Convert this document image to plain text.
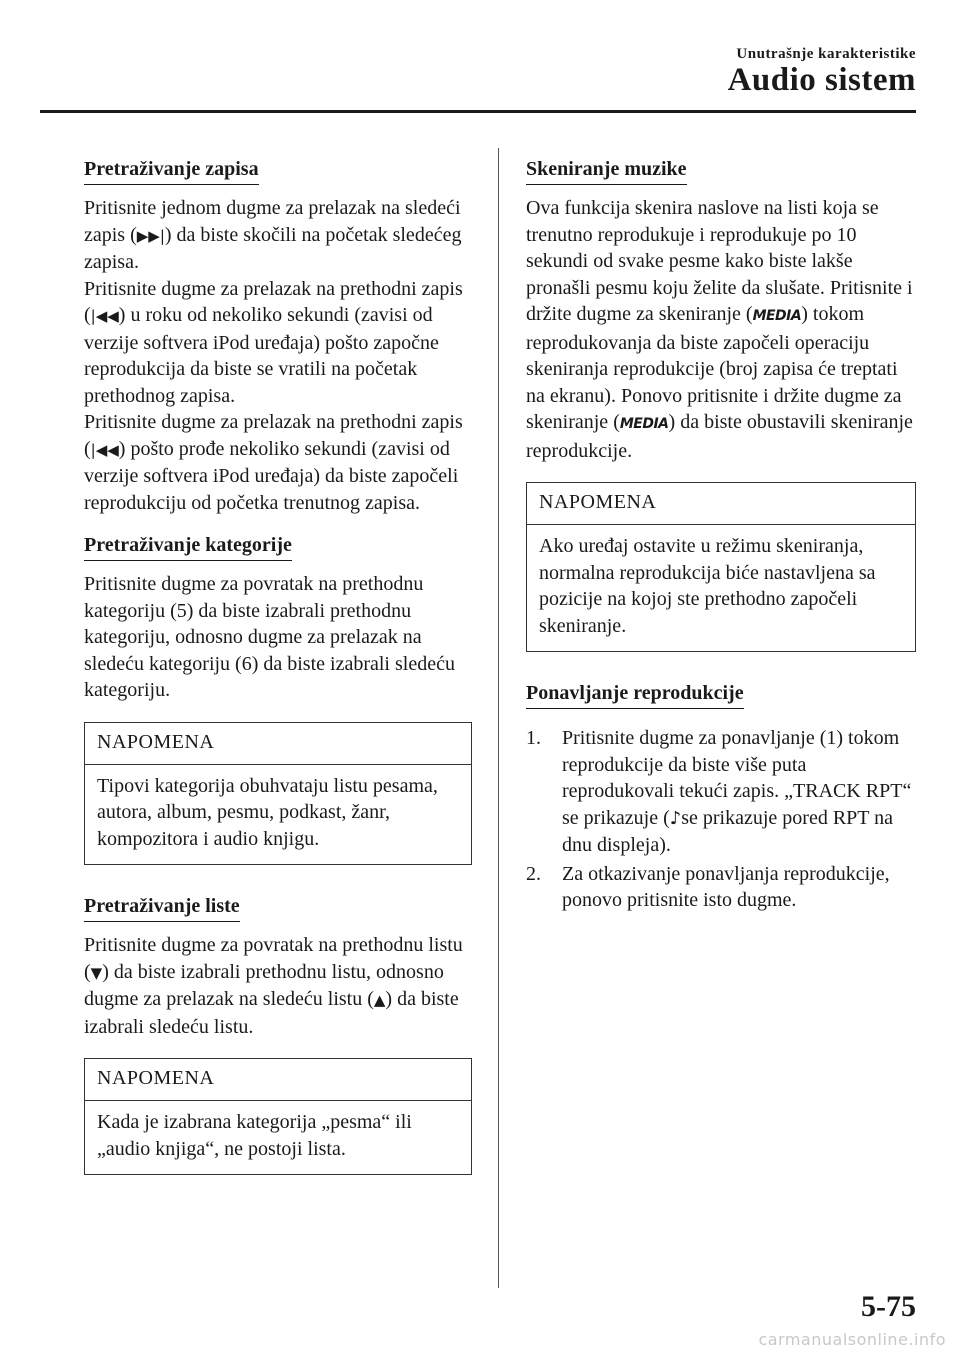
Unutrašnje karakteristike
Audio sistem
Pretraživanje zapisa

Pritisnite jednom dugme za prelazak na sledeći zapis (▶▶|) da biste skočili na početak sledećeg zapisa.
Pritisnite dugme za prelazak na prethodni zapis (|◀◀) u roku od nekoliko sekundi (zavisi od verzije softvera iPod uređaja) pošto započne reprodukcija da biste se vratili na početak prethodnog zapisa.
Pritisnite dugme za prelazak na prethodni zapis (|◀◀) pošto prođe nekoliko sekundi (zavisi od verzije softvera iPod uređaja) da biste započeli reprodukciju od početka trenutnog zapisa.

Pretraživanje kategorije

Pritisnite dugme za povratak na prethodnu kategoriju (5) da biste izabrali prethodnu kategoriju, odnosno dugme za prelazak na sledeću kategoriju (6) da biste izabrali sledeću kategoriju.

NAPOMENA
Tipovi kategorija obuhvataju listu pesama, autora, album, pesmu, podkast, žanr, kompozitora i audio knjigu.
Pretraživanje liste

Pritisnite dugme za povratak na prethodnu listu (▼) da biste izabrali prethodnu listu, odnosno dugme za prelazak na sledeću listu (▲) da biste izabrali sledeću listu.

NAPOMENA
Kada je izabrana kategorija „pesma“ ili „audio knjiga“, ne postoji lista.
Skeniranje muzike

Ova funkcija skenira naslove na listi koja se trenutno reprodukuje i reprodukuje po 10 sekundi od svake pesme kako biste lakše pronašli pesmu koju želite da slušate. Pritisnite i držite dugme za skeniranje (MEDIA) tokom reprodukovanja da biste započeli operaciju skeniranja reprodukcije (broj zapisa će treptati na ekranu). Ponovo pritisnite i držite dugme za skeniranje (MEDIA) da biste obustavili skeniranje reprodukcije.

NAPOMENA
Ako uređaj ostavite u režimu skeniranja, normalna reprodukcija biće nastavljena sa pozicije na kojoj ste prethodno započeli skeniranje.
Ponavljanje reprodukcije
1. Pritisnite dugme za ponavljanje (1) tokom reprodukcije da biste više puta reprodukovali tekući zapis. „TRACK RPT“ se prikazuje (♪se prikazuje pored RPT na dnu displeja).
2. Za otkazivanje ponavljanja reprodukcije, ponovo pritisnite isto dugme.
5-75
carmanualsonline.info
